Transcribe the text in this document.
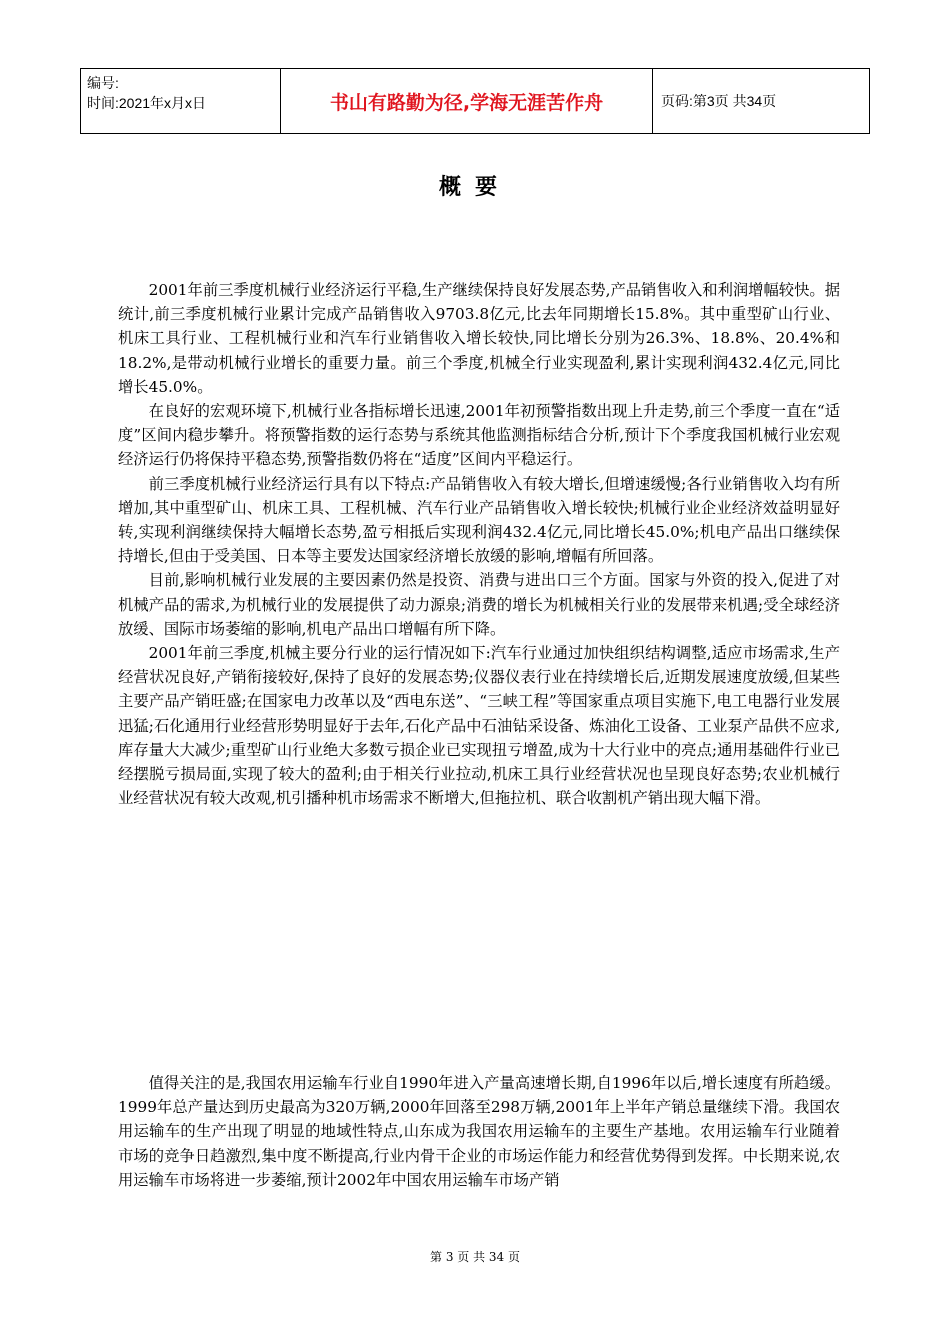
编号:
时间:2021年x月x日	书山有路勤为径,学海无涯苦作舟	页码:第3页 共34页
概要

2001年前三季度机械行业经济运行平稳,生产继续保持良好发展态势,产品销售收入和利润增幅较快。据统计,前三季度机械行业累计完成产品销售收入9703.8亿元,比去年同期增长15.8%。其中重型矿山行业、机床工具行业、工程机械行业和汽车行业销售收入增长较快,同比增长分别为26.3%、18.8%、20.4%和18.2%,是带动机械行业增长的重要力量。前三个季度,机械全行业实现盈利,累计实现利润432.4亿元,同比增长45.0%。

在良好的宏观环境下,机械行业各指标增长迅速,2001年初预警指数出现上升走势,前三个季度一直在“适度”区间内稳步攀升。将预警指数的运行态势与系统其他监测指标结合分析,预计下个季度我国机械行业宏观经济运行仍将保持平稳态势,预警指数仍将在“适度”区间内平稳运行。

前三季度机械行业经济运行具有以下特点:产品销售收入有较大增长,但增速缓慢;各行业销售收入均有所增加,其中重型矿山、机床工具、工程机械、汽车行业产品销售收入增长较快;机械行业企业经济效益明显好转,实现利润继续保持大幅增长态势,盈亏相抵后实现利润432.4亿元,同比增长45.0%;机电产品出口继续保持增长,但由于受美国、日本等主要发达国家经济增长放缓的影响,增幅有所回落。

目前,影响机械行业发展的主要因素仍然是投资、消费与进出口三个方面。国家与外资的投入,促进了对机械产品的需求,为机械行业的发展提供了动力源泉;消费的增长为机械相关行业的发展带来机遇;受全球经济放缓、国际市场萎缩的影响,机电产品出口增幅有所下降。

2001年前三季度,机械主要分行业的运行情况如下:汽车行业通过加快组织结构调整,适应市场需求,生产经营状况良好,产销衔接较好,保持了良好的发展态势;仪器仪表行业在持续增长后,近期发展速度放缓,但某些主要产品产销旺盛;在国家电力改革以及“西电东送”、“三峡工程”等国家重点项目实施下,电工电器行业发展迅猛;石化通用行业经营形势明显好于去年,石化产品中石油钻采设备、炼油化工设备、工业泵产品供不应求,库存量大大减少;重型矿山行业绝大多数亏损企业已实现扭亏增盈,成为十大行业中的亮点;通用基础件行业已经摆脱亏损局面,实现了较大的盈利;由于相关行业拉动,机床工具行业经营状况也呈现良好态势;农业机械行业经营状况有较大改观,机引播种机市场需求不断增大,但拖拉机、联合收割机产销出现大幅下滑。

值得关注的是,我国农用运输车行业自1990年进入产量高速增长期,自1996年以后,增长速度有所趋缓。1999年总产量达到历史最高为320万辆,2000年回落至298万辆,2001年上半年产销总量继续下滑。我国农用运输车的生产出现了明显的地域性特点,山东成为我国农用运输车的主要生产基地。农用运输车行业随着市场的竞争日趋激烈,集中度不断提高,行业内骨干企业的市场运作能力和经营优势得到发挥。中长期来说,农用运输车市场将进一步萎缩,预计2002年中国农用运输车市场产销

第 3 页 共 34 页
